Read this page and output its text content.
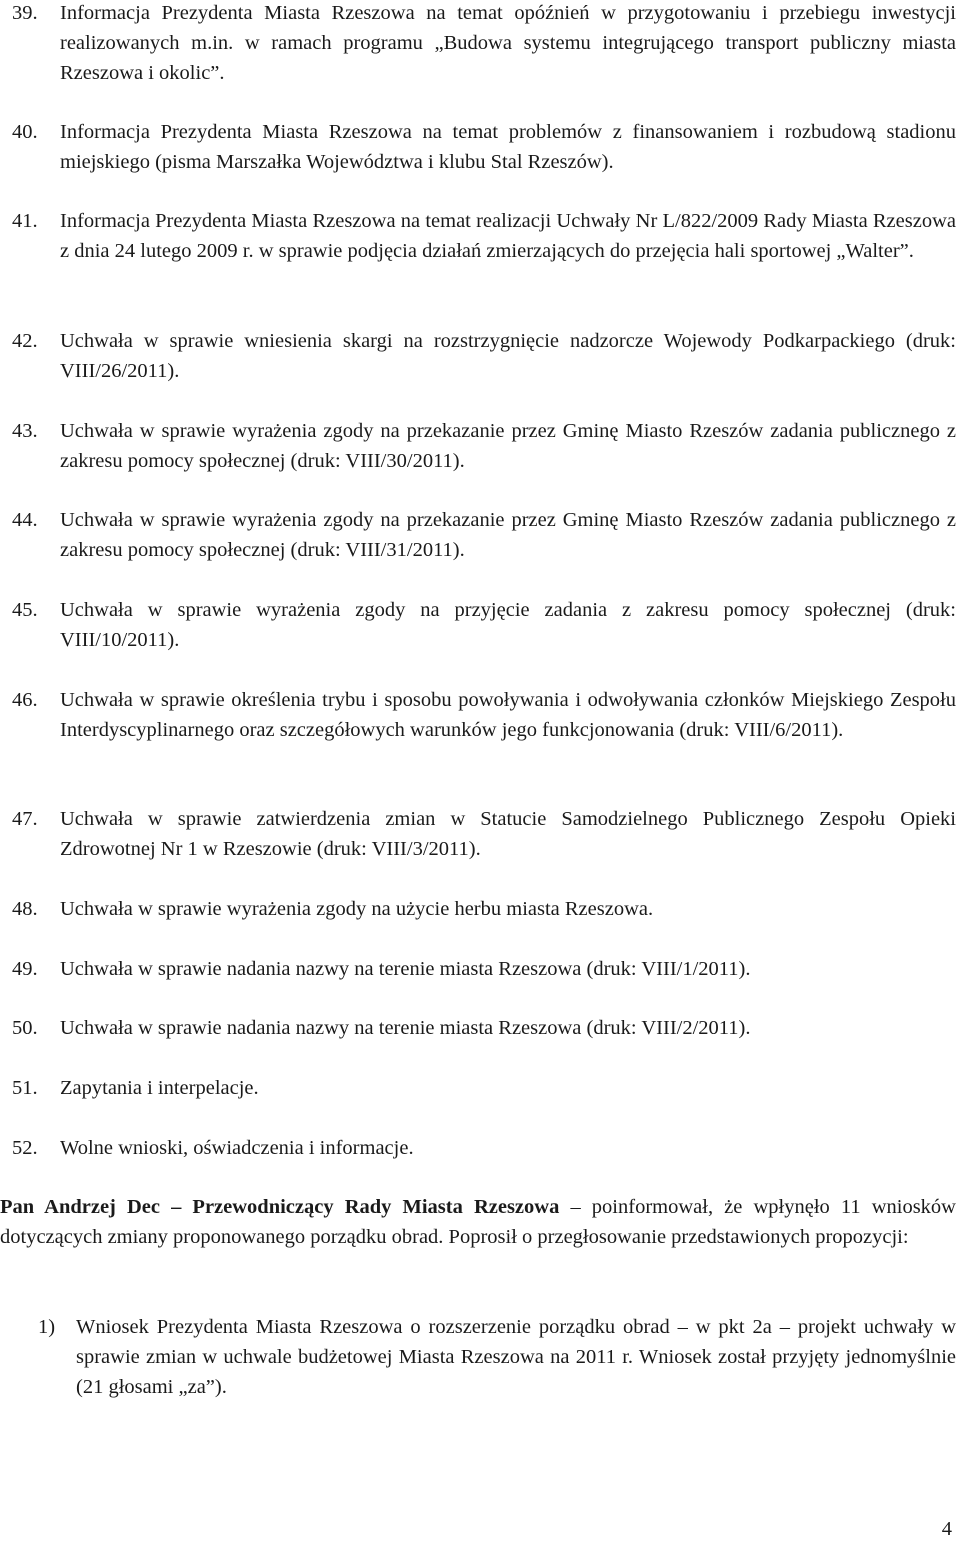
39.	Informacja Prezydenta Miasta Rzeszowa na temat opóźnień w przygotowaniu i przebiegu inwestycji realizowanych m.in. w ramach programu „Budowa systemu integrującego transport publiczny miasta Rzeszowa i okolic”.
40.	Informacja Prezydenta Miasta Rzeszowa na temat problemów z finansowaniem i rozbudową stadionu miejskiego (pisma Marszałka Województwa i klubu Stal Rzeszów).
41.	Informacja Prezydenta Miasta Rzeszowa na temat realizacji Uchwały Nr L/822/2009 Rady Miasta Rzeszowa z dnia 24 lutego 2009 r. w sprawie podjęcia działań zmierzających do przejęcia hali sportowej „Walter”.
42.	Uchwała w sprawie wniesienia skargi na rozstrzygnięcie nadzorcze Wojewody Podkarpackiego (druk: VIII/26/2011).
43.	Uchwała w sprawie wyrażenia zgody na przekazanie przez Gminę Miasto Rzeszów zadania publicznego z zakresu pomocy społecznej (druk: VIII/30/2011).
44.	Uchwała w sprawie wyrażenia zgody na przekazanie przez Gminę Miasto Rzeszów zadania publicznego z zakresu pomocy społecznej (druk: VIII/31/2011).
45.	Uchwała w sprawie wyrażenia zgody na przyjęcie zadania z zakresu pomocy społecznej (druk: VIII/10/2011).
46.	Uchwała w sprawie określenia trybu i sposobu powoływania i odwoływania członków Miejskiego Zespołu Interdyscyplinarnego oraz szczegółowych warunków jego funkcjonowania (druk: VIII/6/2011).
47.	Uchwała w sprawie zatwierdzenia zmian w Statucie Samodzielnego Publicznego Zespołu Opieki Zdrowotnej Nr 1 w Rzeszowie (druk: VIII/3/2011).
48.	Uchwała w sprawie wyrażenia zgody na użycie herbu miasta Rzeszowa.
49.	Uchwała w sprawie nadania nazwy na terenie miasta Rzeszowa (druk: VIII/1/2011).
50.	Uchwała w sprawie nadania nazwy na terenie miasta Rzeszowa (druk: VIII/2/2011).
51.	Zapytania i interpelacje.
52.	Wolne wnioski, oświadczenia i informacje.

Pan Andrzej Dec – Przewodniczący Rady Miasta Rzeszowa – poinformował, że wpłynęło 11 wniosków dotyczących zmiany proponowanego porządku obrad. Poprosił o przegłosowanie przedstawionych propozycji:

1)	Wniosek Prezydenta Miasta Rzeszowa o rozszerzenie porządku obrad – w pkt 2a – projekt uchwały w sprawie zmian w uchwale budżetowej Miasta Rzeszowa na 2011 r. Wniosek został przyjęty jednomyślnie (21 głosami „za”).
4
